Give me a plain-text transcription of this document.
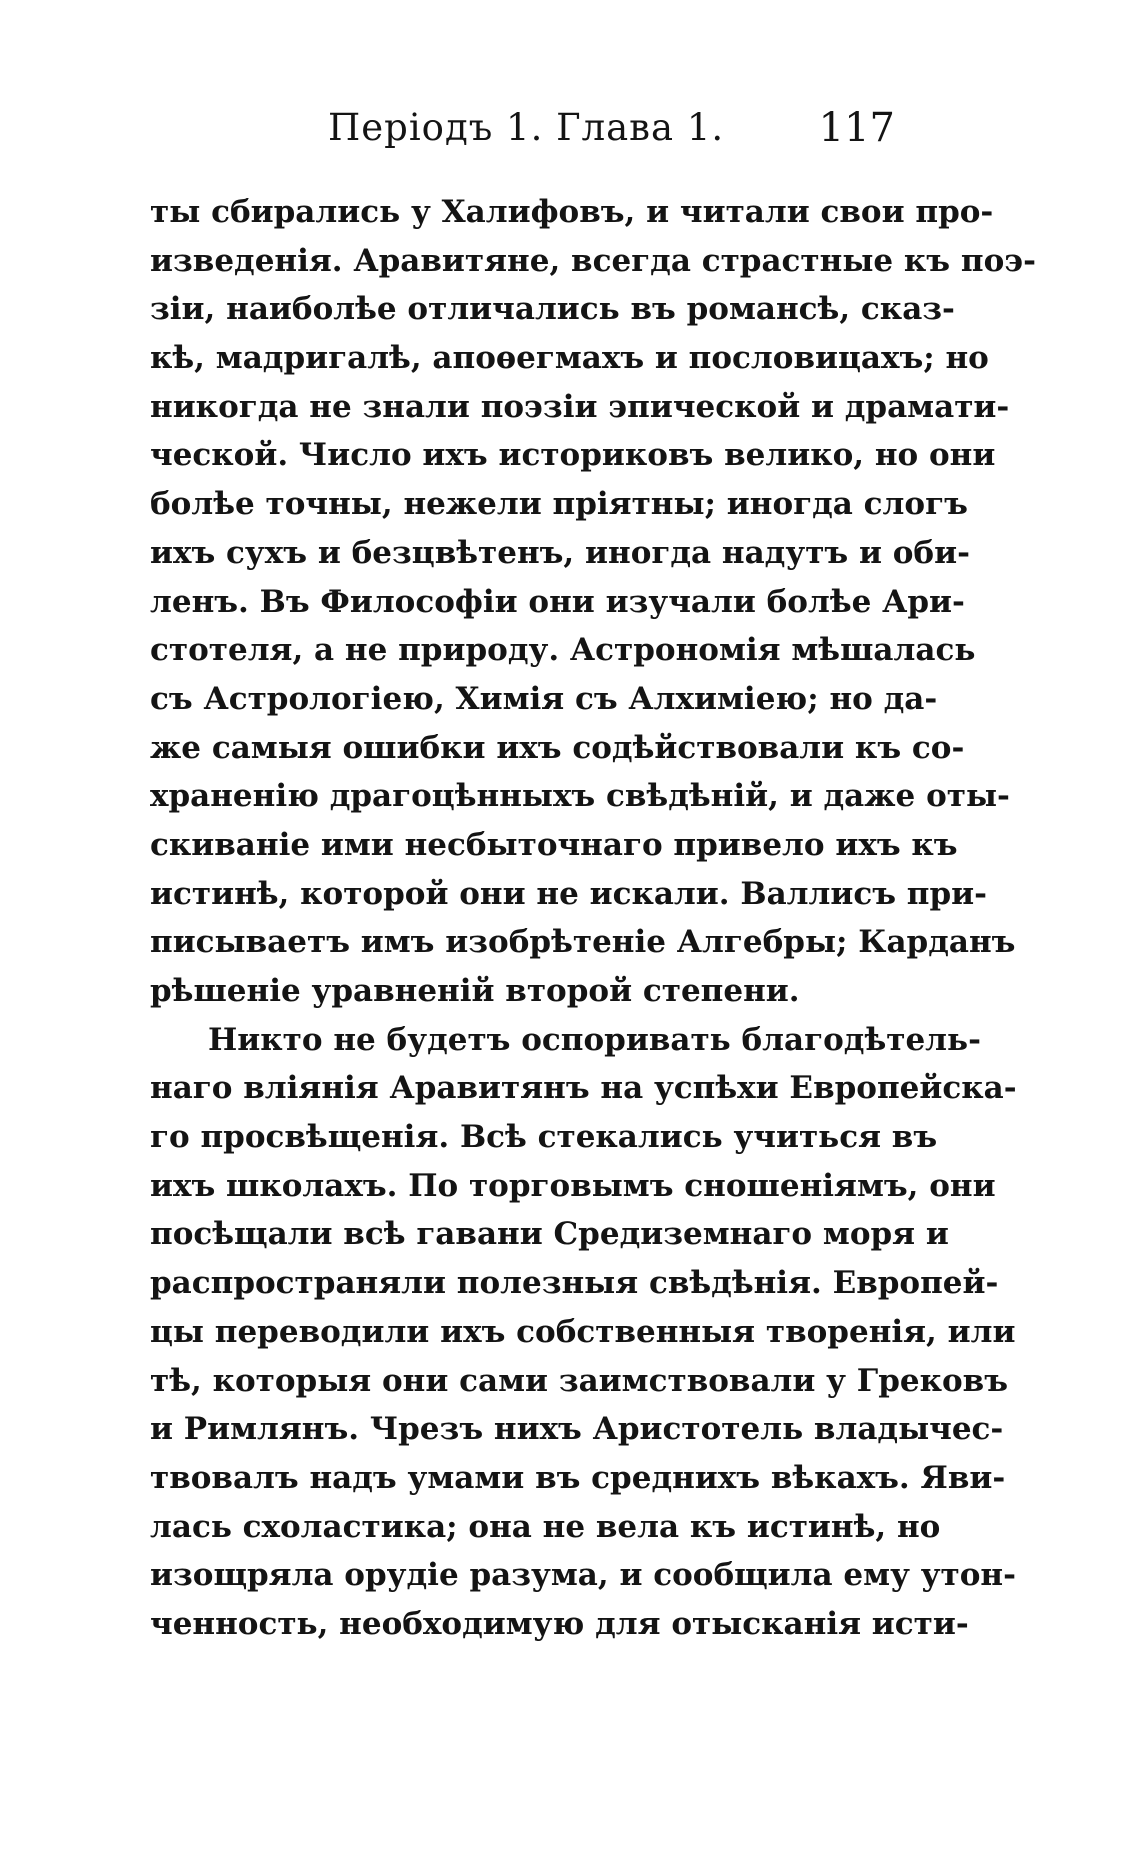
Періодъ 1. Глава 1. 117
ты сбирались у Халифовъ, и читали свои про-
изведенія. Аравитяне, всегда страстные къ поэ-
зіи, наиболѣе отличались въ романсѣ, сказ-
кѣ, мадригалѣ, апоѳегмахъ и пословицахъ; но
никогда не знали поэзіи эпической и драмати-
ческой. Число ихъ историковъ велико, но они
болѣе точны, нежели пріятны; иногда слогъ
ихъ сухъ и безцвѣтенъ, иногда надутъ и оби-
ленъ. Въ Философіи они изучали болѣе Ари-
стотеля, а не природу. Астрономія мѣшалась
съ Астрологіею, Химія съ Алхиміею; но да-
же самыя ошибки ихъ содѣйствовали къ со-
храненію драгоцѣнныхъ свѣдѣній, и даже оты-
скиваніе ими несбыточнаго привело ихъ къ
истинѣ, которой они не искали. Валлисъ при-
писываетъ имъ изобрѣтеніе Алгебры; Карданъ
рѣшеніе уравненій второй степени.
Никто не будетъ оспоривать благодѣтель-
наго вліянія Аравитянъ на успѣхи Европейска-
го просвѣщенія. Всѣ стекались учиться въ
ихъ школахъ. По торговымъ сношеніямъ, они
посѣщали всѣ гавани Средиземнаго моря и
распространяли полезныя свѣдѣнія. Европей-
цы переводили ихъ собственныя творенія, или
тѣ, которыя они сами заимствовали у Грековъ
и Римлянъ. Чрезъ нихъ Аристотель владычес-
твовалъ надъ умами въ среднихъ вѣкахъ. Яви-
лась схоластика; она не вела къ истинѣ, но
изощряла орудіе разума, и сообщила ему утон-
ченность, необходимую для отысканія исти-
